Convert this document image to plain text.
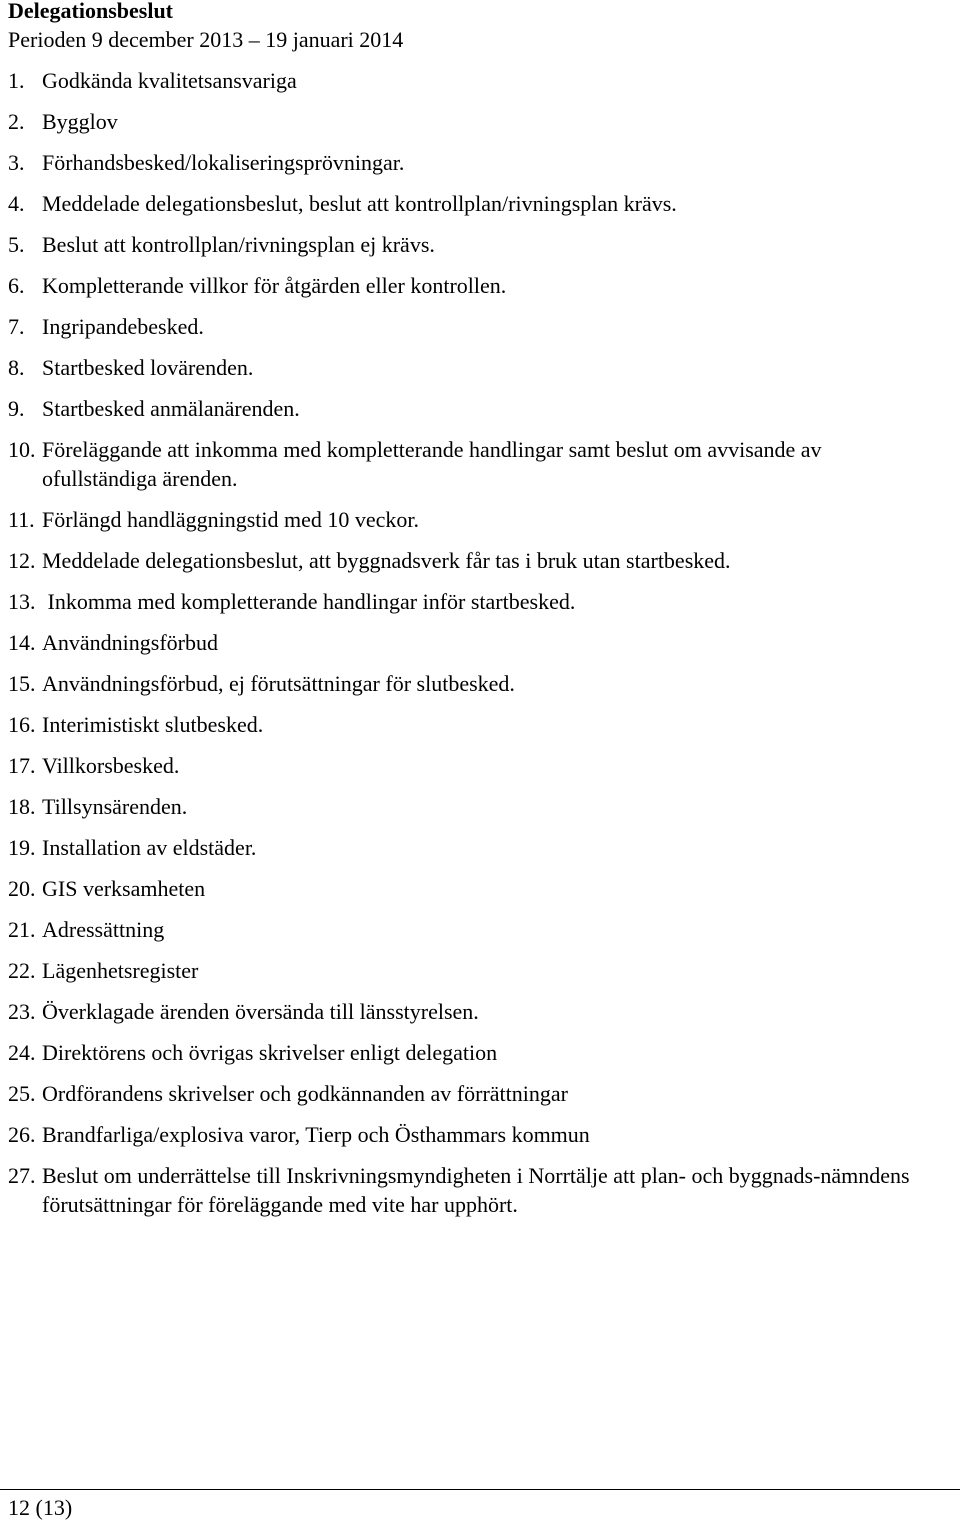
Delegationsbeslut
Perioden 9 december 2013 – 19 januari 2014
1. Godkända kvalitetsansvariga
2. Bygglov
3. Förhandsbesked/lokaliseringsprövningar.
4. Meddelade delegationsbeslut, beslut att kontrollplan/rivningsplan krävs.
5. Beslut att kontrollplan/rivningsplan ej krävs.
6. Kompletterande villkor för åtgärden eller kontrollen.
7. Ingripandebesked.
8. Startbesked lovärenden.
9. Startbesked anmälanärenden.
10. Föreläggande att inkomma med kompletterande handlingar samt beslut om avvisande av ofullständiga ärenden.
11. Förlängd handläggningstid med 10 veckor.
12. Meddelade delegationsbeslut, att byggnadsverk får tas i bruk utan startbesked.
13. Inkomma med kompletterande handlingar inför startbesked.
14. Användningsförbud
15. Användningsförbud, ej förutsättningar för slutbesked.
16. Interimistiskt slutbesked.
17. Villkorsbesked.
18. Tillsynsärenden.
19. Installation av eldstäder.
20. GIS verksamheten
21. Adressättning
22. Lägenhetsregister
23. Överklagade ärenden översända till länsstyrelsen.
24. Direktörens och övrigas skrivelser enligt delegation
25. Ordförandens skrivelser och godkännanden av förrättningar
26. Brandfarliga/explosiva varor, Tierp och Östhammars kommun
27. Beslut om underrättelse till Inskrivningsmyndigheten i Norrtälje att plan- och byggnads-nämndens förutsättningar för föreläggande med vite har upphört.
12 (13)
